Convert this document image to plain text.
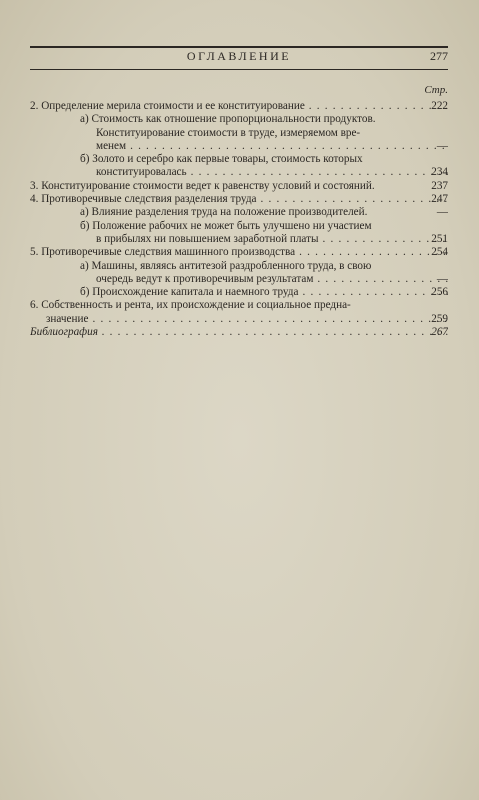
ОГЛАВЛЕНИЕ	277
Стр.
2. Определение мерила стоимости и ее конституирование . . .	222
а) Стоимость как отношение пропорциональности продуктов.
Конституирование стоимости в труде, измеряемом вре-
менем . . .	—
б) Золото и серебро как первые товары, стоимость которых
конституировалась . . .	234
3. Конституирование стоимости ведет к равенству условий и состояний.	237
4. Противоречивые следствия разделения труда . . .	247
а) Влияние разделения труда на положение производителей.	—
б) Положение рабочих не может быть улучшено ни участием
в прибылях ни повышением заработной платы . . .	251
5. Противоречивые следствия машинного производства . . .	254
а) Машины, являясь антитезой раздробленного труда, в свою
очередь ведут к противоречивым результатам . . .	—
б) Происхождение капитала и наемного труда . . .	256
6. Собственность и рента, их происхождение и социальное предна-
значение . . .	259
Библиография . . .	267
